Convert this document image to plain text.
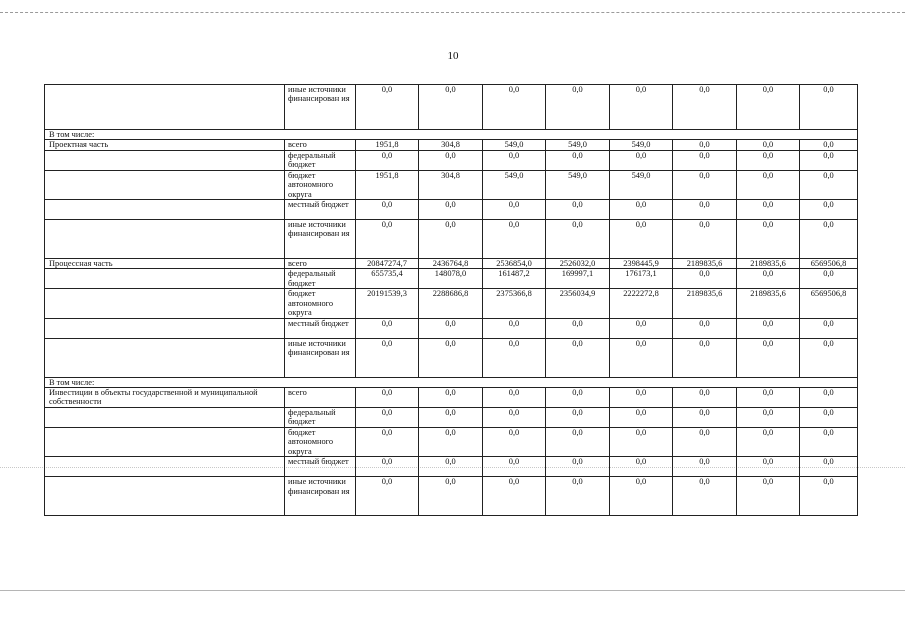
10
	иные источники финансирован ия	0,0	0,0	0,0	0,0	0,0	0,0	0,0	0,0
В том числе:									
Проектная часть	всего	1951,8	304,8	549,0	549,0	549,0	0,0	0,0	0,0
	федеральный бюджет	0,0	0,0	0,0	0,0	0,0	0,0	0,0	0,0
	бюджет автономного округа	1951,8	304,8	549,0	549,0	549,0	0,0	0,0	0,0
	местный бюджет	0,0	0,0	0,0	0,0	0,0	0,0	0,0	0,0
	иные источники финансирован ия	0,0	0,0	0,0	0,0	0,0	0,0	0,0	0,0
Процессная часть	всего	20847274,7	2436764,8	2536854,0	2526032,0	2398445,9	2189835,6	2189835,6	6569506,8
	федеральный бюджет	655735,4	148078,0	161487,2	169997,1	176173,1	0,0	0,0	0,0
	бюджет автономного округа	20191539,3	2288686,8	2375366,8	2356034,9	2222272,8	2189835,6	2189835,6	6569506,8
	местный бюджет	0,0	0,0	0,0	0,0	0,0	0,0	0,0	0,0
	иные источники финансирован ия	0,0	0,0	0,0	0,0	0,0	0,0	0,0	0,0
В том числе:									
Инвестиции в объекты государственной и муниципальной собственности	всего	0,0	0,0	0,0	0,0	0,0	0,0	0,0	0,0
	федеральный бюджет	0,0	0,0	0,0	0,0	0,0	0,0	0,0	0,0
	бюджет автономного округа	0,0	0,0	0,0	0,0	0,0	0,0	0,0	0,0
	местный бюджет	0,0	0,0	0,0	0,0	0,0	0,0	0,0	0,0
	иные источники финансирован ия	0,0	0,0	0,0	0,0	0,0	0,0	0,0	0,0
